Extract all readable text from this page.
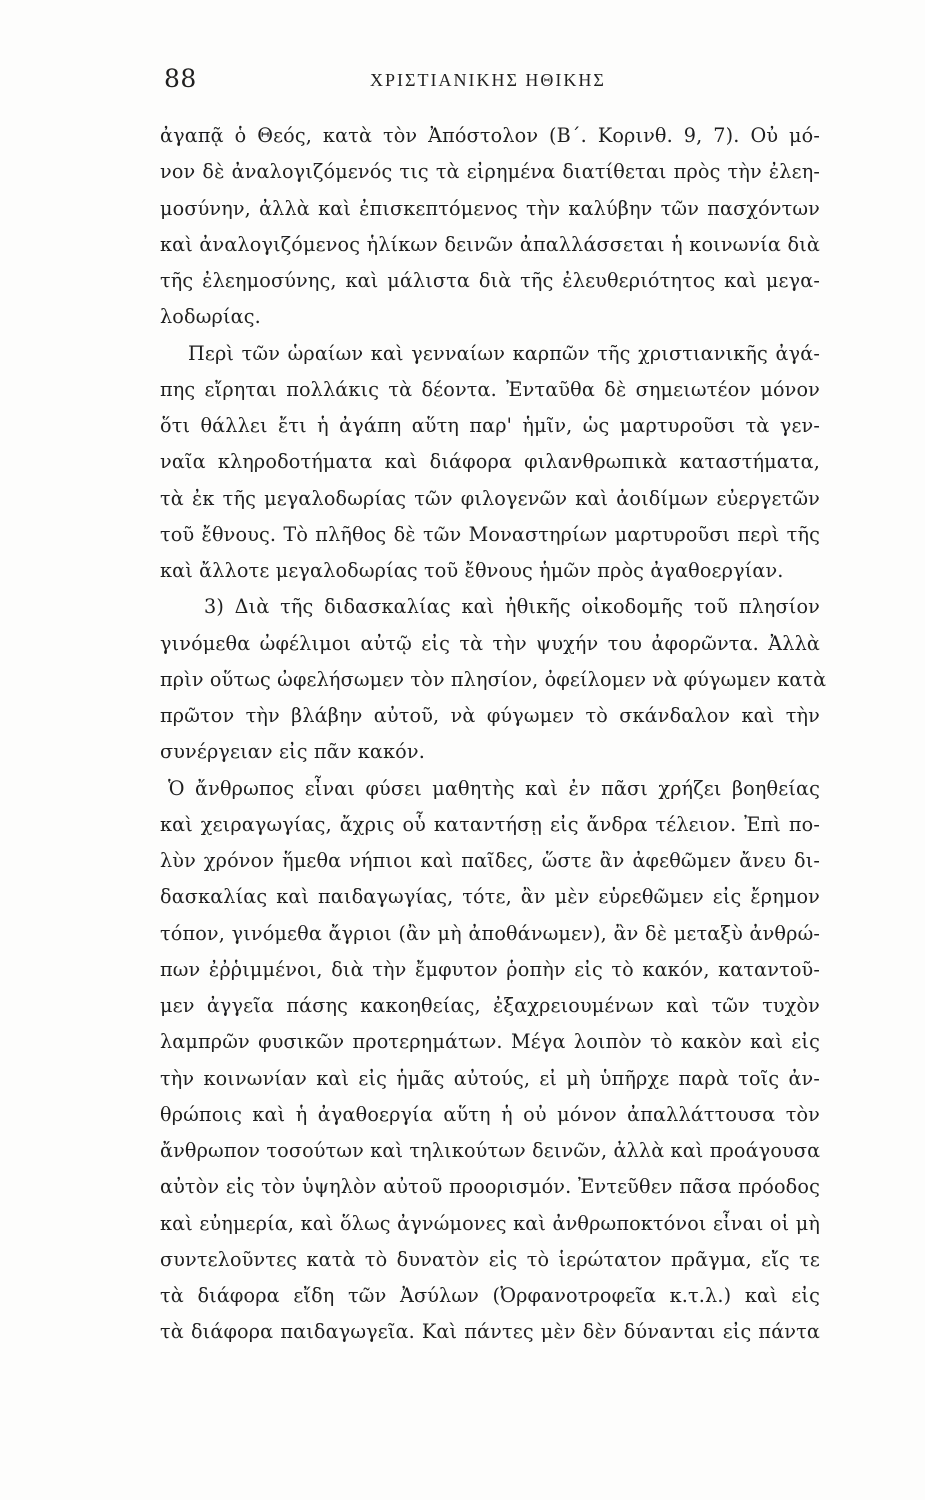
88	ΧΡΙΣΤΙΑΝΙΚΗΣ ΗΘΙΚΗΣ
ἀγαπᾷ ὁ Θεός, κατὰ τὸν Ἀπόστολον (Β΄. Κορινθ. 9, 7). Οὐ μό-
νον δὲ ἀναλογιζόμενός τις τὰ εἰρημένα διατίθεται πρὸς τὴν ἐλεη-
μοσύνην, ἀλλὰ καὶ ἐπισκεπτόμενος τὴν καλύβην τῶν πασχόντων
καὶ ἀναλογιζόμενος ἡλίκων δεινῶν ἀπαλλάσσεται ἡ κοινωνία διὰ
τῆς ἐλεημοσύνης, καὶ μάλιστα διὰ τῆς ἐλευθεριότητος καὶ μεγα-
λοδωρίας.
Περὶ τῶν ὡραίων καὶ γενναίων καρπῶν τῆς χριστιανικῆς ἀγά-
πης εἴρηται πολλάκις τὰ δέοντα. Ἐνταῦθα δὲ σημειωτέον μόνον
ὅτι θάλλει ἔτι ἡ ἀγάπη αὕτη παρ' ἡμῖν, ὡς μαρτυροῦσι τὰ γεν-
ναῖα κληροδοτήματα καὶ διάφορα φιλανθρωπικὰ καταστήματα,
τὰ ἐκ τῆς μεγαλοδωρίας τῶν φιλογενῶν καὶ ἀοιδίμων εὐεργετῶν
τοῦ ἔθνους. Τὸ πλῆθος δὲ τῶν Μοναστηρίων μαρτυροῦσι περὶ τῆς
καὶ ἄλλοτε μεγαλοδωρίας τοῦ ἔθνους ἡμῶν πρὸς ἀγαθοεργίαν.
3) Διὰ τῆς διδασκαλίας καὶ ἠθικῆς οἰκοδομῆς τοῦ πλησίον
γινόμεθα ὠφέλιμοι αὐτῷ εἰς τὰ τὴν ψυχήν του ἀφορῶντα. Ἀλλὰ
πρὶν οὕτως ὠφελήσωμεν τὸν πλησίον, ὀφείλομεν νὰ φύγωμεν κατὰ
πρῶτον τὴν βλάβην αὐτοῦ, νὰ φύγωμεν τὸ σκάνδαλον καὶ τὴν
συνέργειαν εἰς πᾶν κακόν.
Ὁ ἄνθρωπος εἶναι φύσει μαθητὴς καὶ ἐν πᾶσι χρήζει βοηθείας
καὶ χειραγωγίας, ἄχρις οὗ καταντήσῃ εἰς ἄνδρα τέλειον. Ἐπὶ πο-
λὺν χρόνον ἥμεθα νήπιοι καὶ παῖδες, ὥστε ἂν ἀφεθῶμεν ἄνευ δι-
δασκαλίας καὶ παιδαγωγίας, τότε, ἂν μὲν εὑρεθῶμεν εἰς ἔρημον
τόπον, γινόμεθα ἄγριοι (ἂν μὴ ἀποθάνωμεν), ἂν δὲ μεταξὺ ἀνθρώ-
πων ἐῤῥιμμένοι, διὰ τὴν ἔμφυτον ῥοπὴν εἰς τὸ κακόν, καταντοῦ-
μεν ἀγγεῖα πάσης κακοηθείας, ἐξαχρειουμένων καὶ τῶν τυχὸν
λαμπρῶν φυσικῶν προτερημάτων. Μέγα λοιπὸν τὸ κακὸν καὶ εἰς
τὴν κοινωνίαν καὶ εἰς ἡμᾶς αὐτούς, εἰ μὴ ὑπῆρχε παρὰ τοῖς ἀν-
θρώποις καὶ ἡ ἀγαθοεργία αὕτη ἡ οὐ μόνον ἀπαλλάττουσα τὸν
ἄνθρωπον τοσούτων καὶ τηλικούτων δεινῶν, ἀλλὰ καὶ προάγουσα
αὐτὸν εἰς τὸν ὑψηλὸν αὐτοῦ προορισμόν. Ἐντεῦθεν πᾶσα πρόοδος
καὶ εὐημερία, καὶ ὅλως ἀγνώμονες καὶ ἀνθρωποκτόνοι εἶναι οἱ μὴ
συντελοῦντες κατὰ τὸ δυνατὸν εἰς τὸ ἱερώτατον πρᾶγμα, εἴς τε
τὰ διάφορα εἴδη τῶν Ἀσύλων (Ὀρφανοτροφεῖα κ.τ.λ.) καὶ εἰς
τὰ διάφορα παιδαγωγεῖα. Καὶ πάντες μὲν δὲν δύνανται εἰς πάντα
